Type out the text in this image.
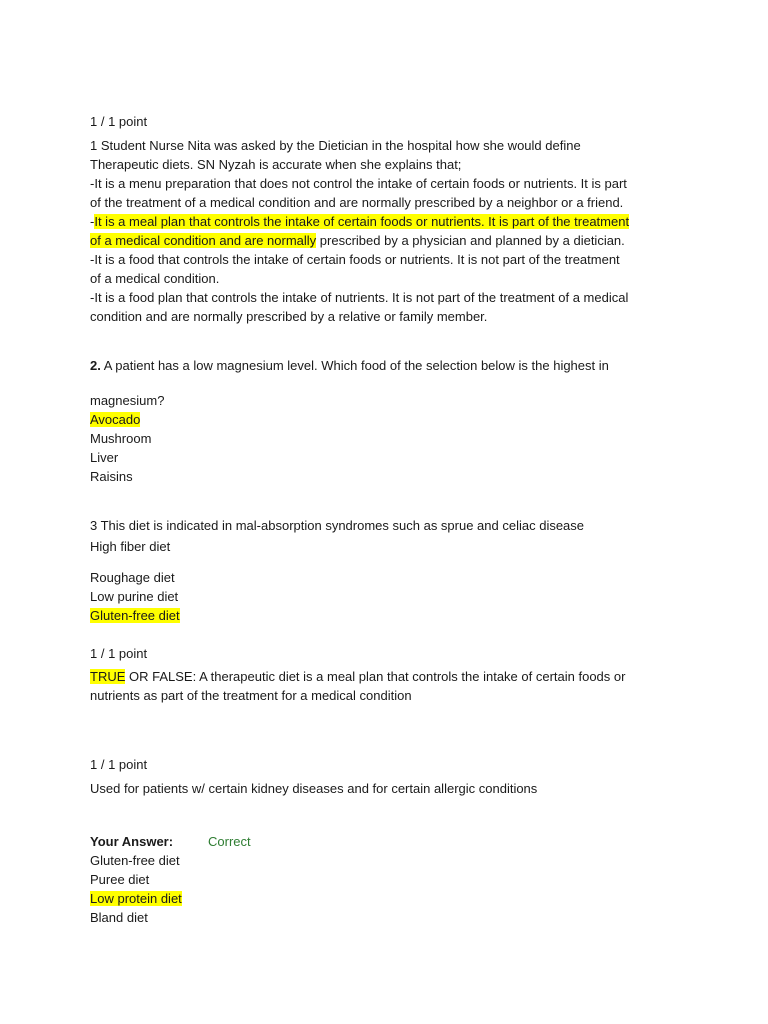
1 / 1 point
1 Student Nurse Nita was asked by the Dietician in the hospital how she would define
Therapeutic diets. SN Nyzah is accurate when she explains that;
-It is a menu preparation that does not control the intake of certain foods or nutrients. It is part
of the treatment of a medical condition and are normally prescribed by a neighbor or a friend.
-It is a meal plan that controls the intake of certain foods or nutrients. It is part of the treatment
of a medical condition and are normally prescribed by a physician and planned by a dietician.
-It is a food that controls the intake of certain foods or nutrients. It is not part of the treatment
of a medical condition.
-It is a food plan that controls the intake of nutrients. It is not part of the treatment of a medical
condition and are normally prescribed by a relative or family member.
2. A patient has a low magnesium level. Which food of the selection below is the highest in
magnesium?
Avocado
Mushroom
Liver
Raisins
3 This diet is indicated in mal-absorption syndromes such as sprue and celiac disease
High fiber diet
Roughage diet
Low purine diet
Gluten-free diet
1 / 1 point
TRUE OR FALSE: A therapeutic diet is a meal plan that controls the intake of certain foods or
nutrients as part of the treatment for a medical condition
1 / 1 point
Used for patients w/ certain kidney diseases and for certain allergic conditions
Your Answer:	Correct
Gluten-free diet
Puree diet
Low protein diet
Bland diet
